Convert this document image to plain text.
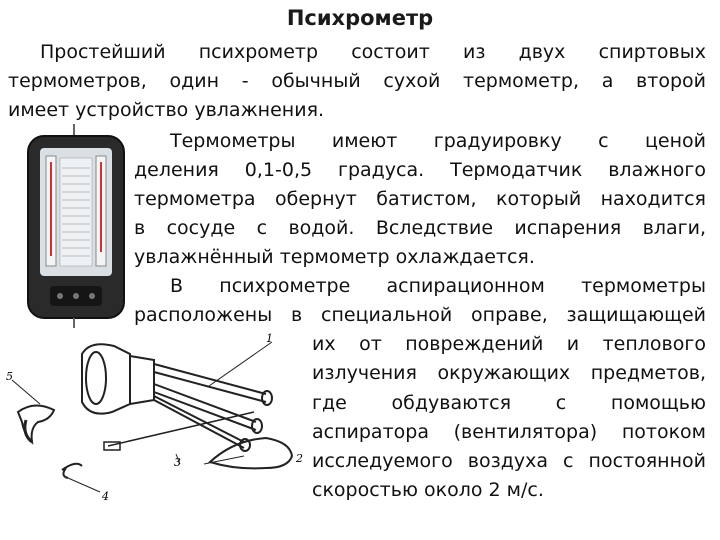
Психрометр
Простейший психрометр состоит из двух спиртовых
термометров, один - обычный сухой термометр, а второй
имеет устройство увлажнения.
Термометры имеют градуировку с ценой
деления 0,1-0,5 градуса. Термодатчик влажного
термометра обернут батистом, который находится
в сосуде с водой. Вследствие испарения влаги,
увлажнённый термометр охлаждается.
В психрометре аспирационном термометры
расположены в специальной оправе, защищающей
их от повреждений и теплового
излучения окружающих предметов,
где обдуваются с помощью
аспиратора (вентилятора) потоком
исследуемого воздуха с постоянной
скоростью около 2 м/с.
1
2
3
4
5
